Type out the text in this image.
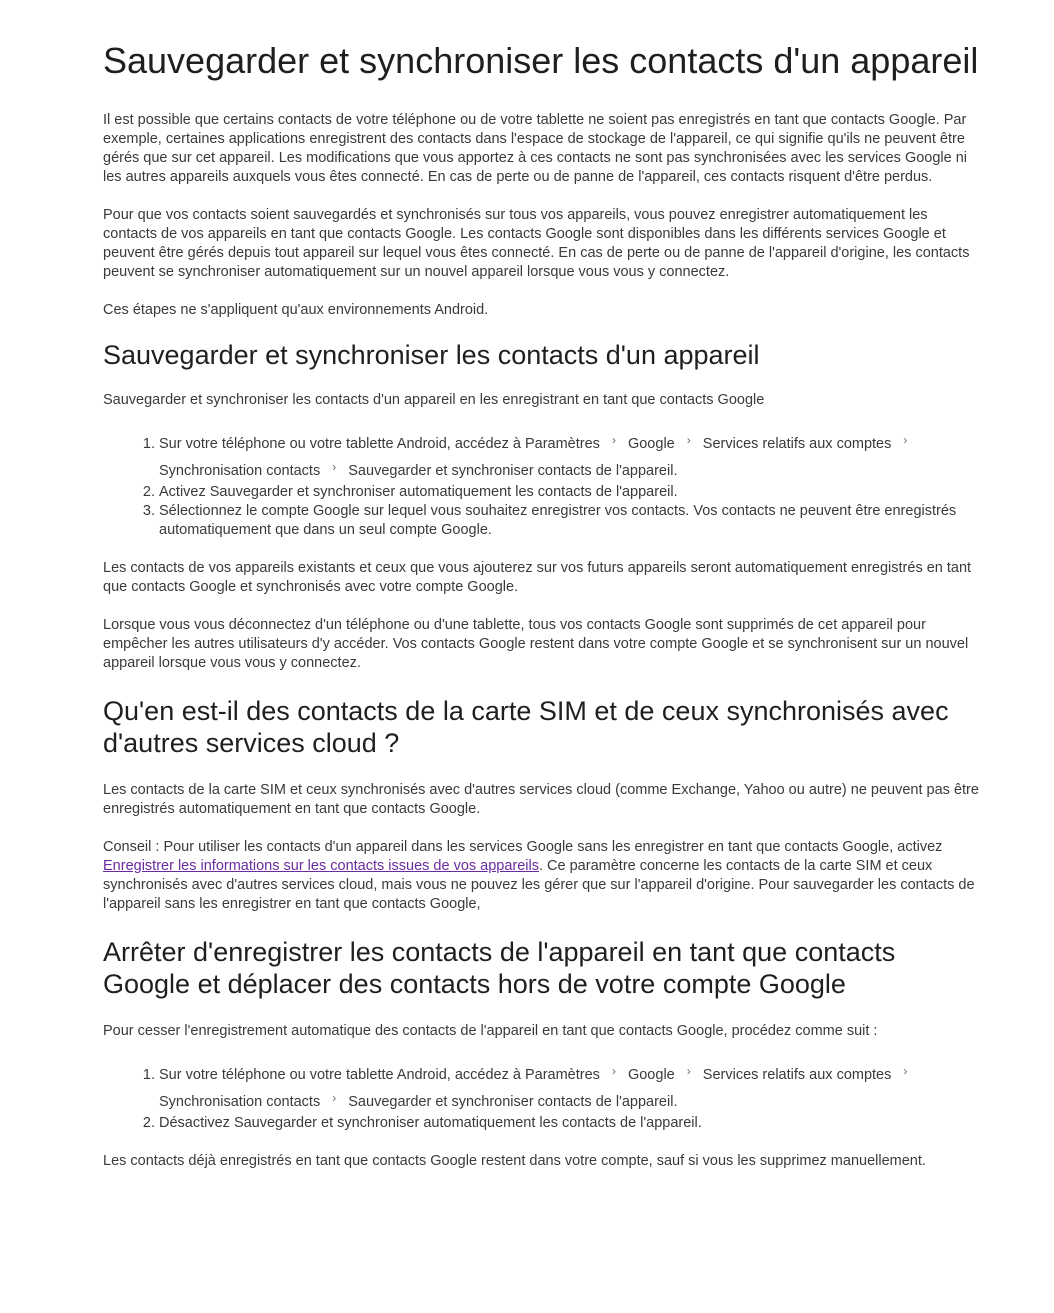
Sauvegarder et synchroniser les contacts d'un appareil

Il est possible que certains contacts de votre téléphone ou de votre tablette ne soient pas enregistrés en tant que contacts Google. Par exemple, certaines applications enregistrent des contacts dans l'espace de stockage de l'appareil, ce qui signifie qu'ils ne peuvent être gérés que sur cet appareil. Les modifications que vous apportez à ces contacts ne sont pas synchronisées avec les services Google ni les autres appareils auxquels vous êtes connecté. En cas de perte ou de panne de l'appareil, ces contacts risquent d'être perdus.

Pour que vos contacts soient sauvegardés et synchronisés sur tous vos appareils, vous pouvez enregistrer automatiquement les contacts de vos appareils en tant que contacts Google. Les contacts Google sont disponibles dans les différents services Google et peuvent être gérés depuis tout appareil sur lequel vous êtes connecté. En cas de perte ou de panne de l'appareil d'origine, les contacts peuvent se synchroniser automatiquement sur un nouvel appareil lorsque vous vous y connectez.

Ces étapes ne s'appliquent qu'aux environnements Android.

Sauvegarder et synchroniser les contacts d'un appareil

Sauvegarder et synchroniser les contacts d'un appareil en les enregistrant en tant que contacts Google

1. Sur votre téléphone ou votre tablette Android, accédez à Paramètres › Google › Services relatifs aux comptes › Synchronisation contacts › Sauvegarder et synchroniser contacts de l'appareil.
2. Activez Sauvegarder et synchroniser automatiquement les contacts de l'appareil.
3. Sélectionnez le compte Google sur lequel vous souhaitez enregistrer vos contacts. Vos contacts ne peuvent être enregistrés automatiquement que dans un seul compte Google.

Les contacts de vos appareils existants et ceux que vous ajouterez sur vos futurs appareils seront automatiquement enregistrés en tant que contacts Google et synchronisés avec votre compte Google.

Lorsque vous vous déconnectez d'un téléphone ou d'une tablette, tous vos contacts Google sont supprimés de cet appareil pour empêcher les autres utilisateurs d'y accéder. Vos contacts Google restent dans votre compte Google et se synchronisent sur un nouvel appareil lorsque vous vous y connectez.

Qu'en est-il des contacts de la carte SIM et de ceux synchronisés avec d'autres services cloud ?

Les contacts de la carte SIM et ceux synchronisés avec d'autres services cloud (comme Exchange, Yahoo ou autre) ne peuvent pas être enregistrés automatiquement en tant que contacts Google.

Conseil : Pour utiliser les contacts d'un appareil dans les services Google sans les enregistrer en tant que contacts Google, activez Enregistrer les informations sur les contacts issues de vos appareils. Ce paramètre concerne les contacts de la carte SIM et ceux synchronisés avec d'autres services cloud, mais vous ne pouvez les gérer que sur l'appareil d'origine. Pour sauvegarder les contacts de l'appareil sans les enregistrer en tant que contacts Google,

Arrêter d'enregistrer les contacts de l'appareil en tant que contacts Google et déplacer des contacts hors de votre compte Google

Pour cesser l'enregistrement automatique des contacts de l'appareil en tant que contacts Google, procédez comme suit :

1. Sur votre téléphone ou votre tablette Android, accédez à Paramètres › Google › Services relatifs aux comptes › Synchronisation contacts › Sauvegarder et synchroniser contacts de l'appareil.
2. Désactivez Sauvegarder et synchroniser automatiquement les contacts de l'appareil.

Les contacts déjà enregistrés en tant que contacts Google restent dans votre compte, sauf si vous les supprimez manuellement.
